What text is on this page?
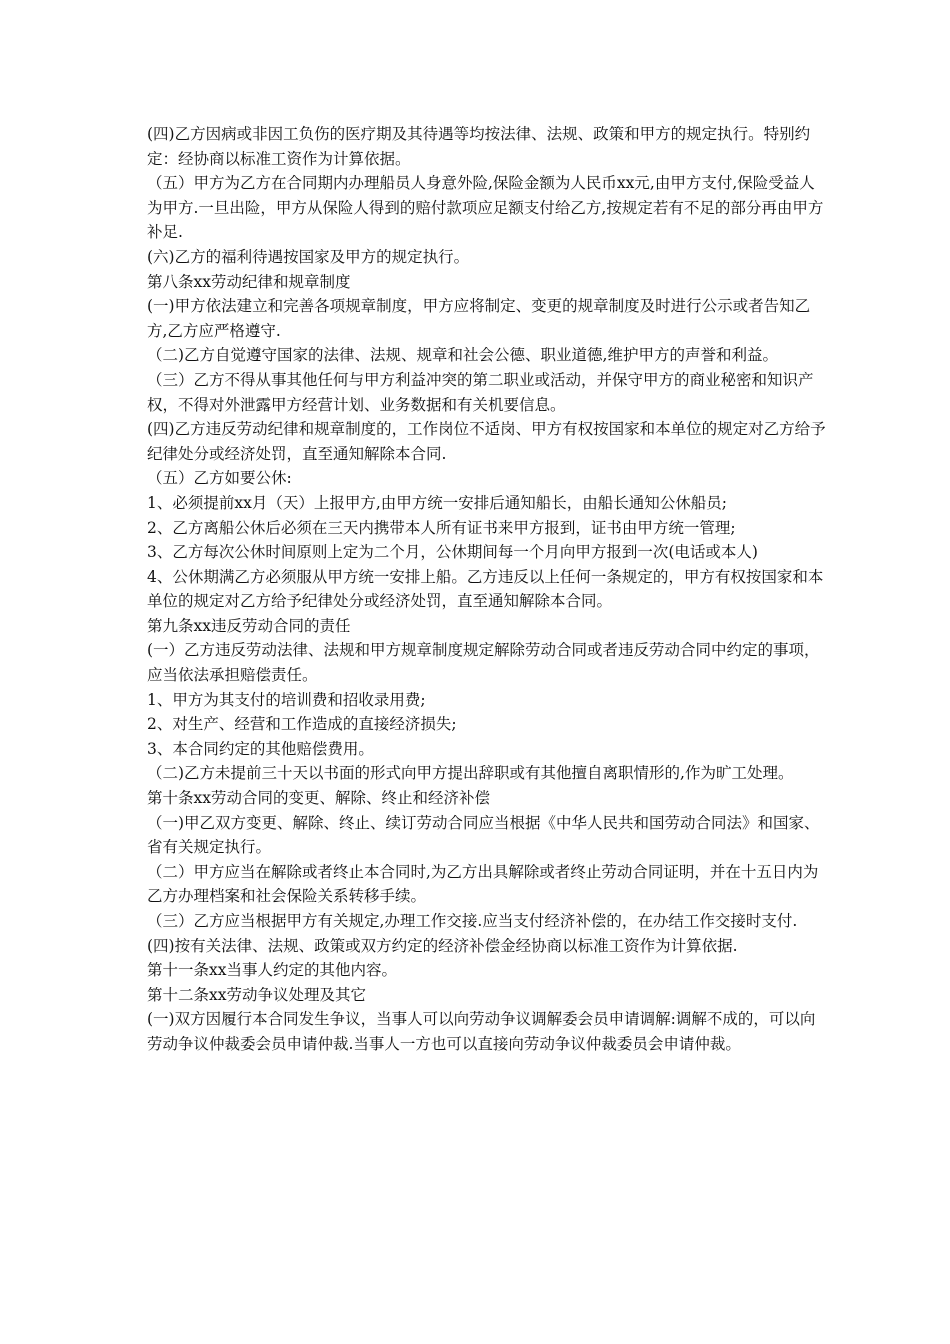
(四)乙方因病或非因工负伤的医疗期及其待遇等均按法律、法规、政策和甲方的规定执行。特别约定：经协商以标准工资作为计算依据。

（五）甲方为乙方在合同期内办理船员人身意外险,保险金额为人民币xx元,由甲方支付,保险受益人为甲方.一旦出险，甲方从保险人得到的赔付款项应足额支付给乙方,按规定若有不足的部分再由甲方补足.

(六)乙方的福利待遇按国家及甲方的规定执行。

第八条xx劳动纪律和规章制度

(一)甲方依法建立和完善各项规章制度，甲方应将制定、变更的规章制度及时进行公示或者告知乙方,乙方应严格遵守.

（二)乙方自觉遵守国家的法律、法规、规章和社会公德、职业道德,维护甲方的声誉和利益。

（三）乙方不得从事其他任何与甲方利益冲突的第二职业或活动，并保守甲方的商业秘密和知识产权，不得对外泄露甲方经营计划、业务数据和有关机要信息。

(四)乙方违反劳动纪律和规章制度的，工作岗位不适岗、甲方有权按国家和本单位的规定对乙方给予纪律处分或经济处罚，直至通知解除本合同.

（五）乙方如要公休:

1、必须提前xx月（天）上报甲方,由甲方统一安排后通知船长，由船长通知公休船员;

2、乙方离船公休后必须在三天内携带本人所有证书来甲方报到，证书由甲方统一管理;

3、乙方每次公休时间原则上定为二个月，公休期间每一个月向甲方报到一次(电话或本人)

4、公休期满乙方必须服从甲方统一安排上船。乙方违反以上任何一条规定的，甲方有权按国家和本单位的规定对乙方给予纪律处分或经济处罚，直至通知解除本合同。

第九条xx违反劳动合同的责任

(一）乙方违反劳动法律、法规和甲方规章制度规定解除劳动合同或者违反劳动合同中约定的事项，应当依法承担赔偿责任。

1、甲方为其支付的培训费和招收录用费;

2、对生产、经营和工作造成的直接经济损失;

3、本合同约定的其他赔偿费用。

（二)乙方未提前三十天以书面的形式向甲方提出辞职或有其他擅自离职情形的,作为旷工处理。

第十条xx劳动合同的变更、解除、终止和经济补偿

（一)甲乙双方变更、解除、终止、续订劳动合同应当根据《中华人民共和国劳动合同法》和国家、省有关规定执行。

（二）甲方应当在解除或者终止本合同时,为乙方出具解除或者终止劳动合同证明，并在十五日内为乙方办理档案和社会保险关系转移手续。

（三）乙方应当根据甲方有关规定,办理工作交接.应当支付经济补偿的，在办结工作交接时支付.

(四)按有关法律、法规、政策或双方约定的经济补偿金经协商以标准工资作为计算依据.

第十一条xx当事人约定的其他内容。

第十二条xx劳动争议处理及其它

(一)双方因履行本合同发生争议，当事人可以向劳动争议调解委会员申请调解:调解不成的，可以向劳动争议仲裁委会员申请仲裁.当事人一方也可以直接向劳动争议仲裁委员会申请仲裁。
